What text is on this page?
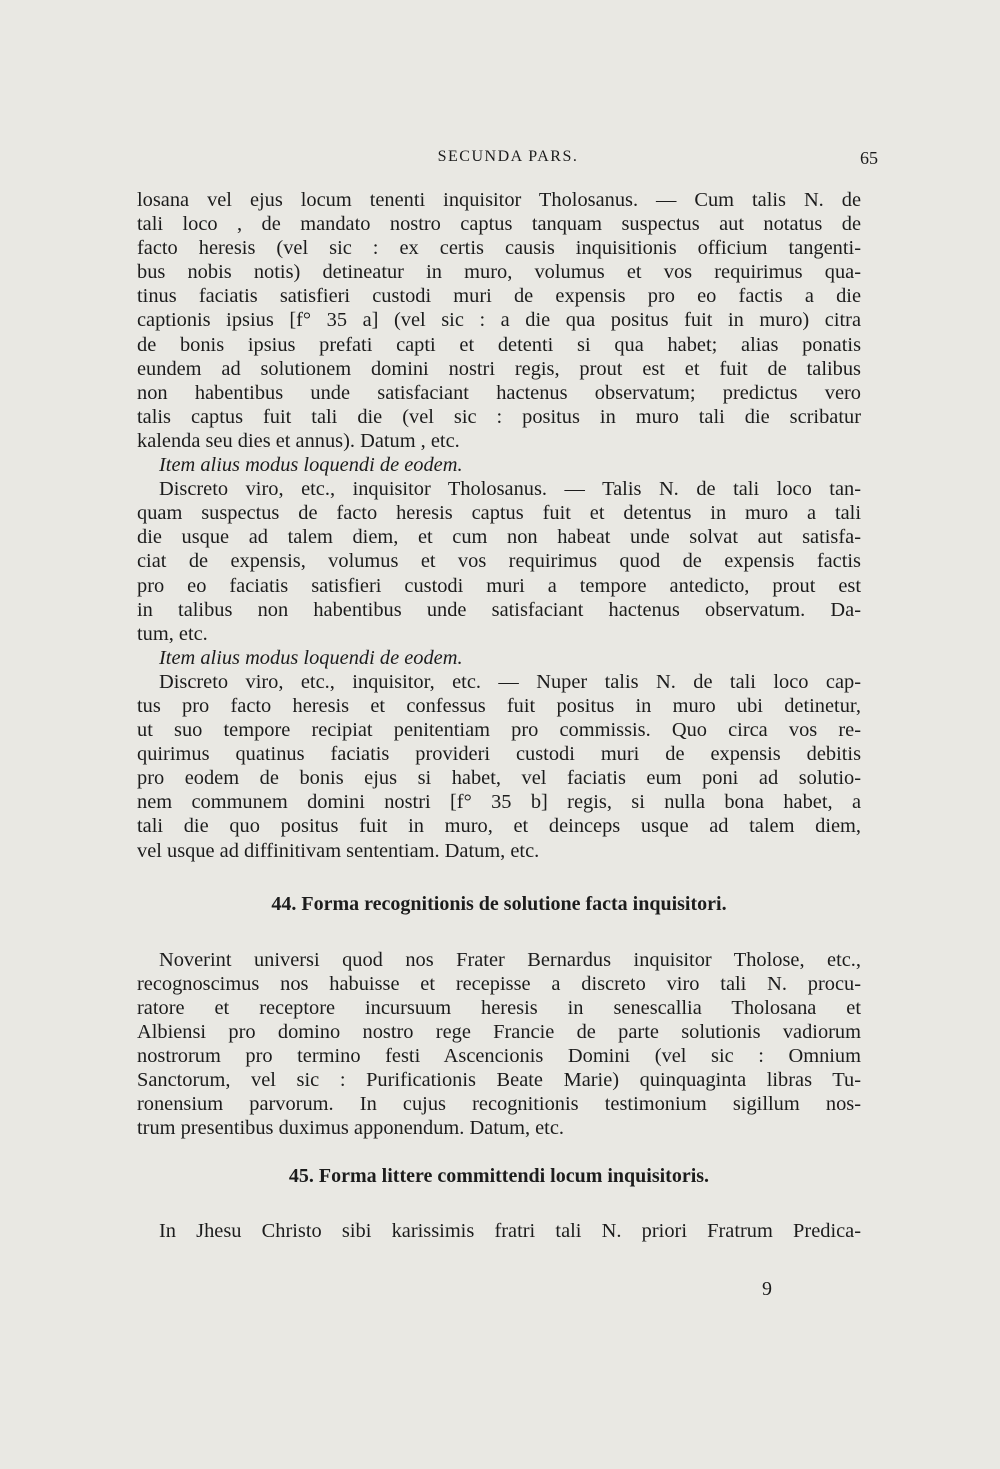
SECUNDA PARS.	65
losana vel ejus locum tenenti inquisitor Tholosanus. — Cum talis N. de
tali loco , de mandato nostro captus tanquam suspectus aut notatus de
facto heresis (vel sic : ex certis causis inquisitionis officium tangenti-
bus nobis notis) detineatur in muro, volumus et vos requirimus qua-
tinus faciatis satisfieri custodi muri de expensis pro eo factis a die
captionis ipsius [f° 35 a] (vel sic : a die qua positus fuit in muro) citra
de bonis ipsius prefati capti et detenti si qua habet; alias ponatis
eundem ad solutionem domini nostri regis, prout est et fuit de talibus
non habentibus unde satisfaciant hactenus observatum; predictus vero
talis captus fuit tali die (vel sic : positus in muro tali die scribatur
kalenda seu dies et annus). Datum , etc.
Item alius modus loquendi de eodem.
Discreto viro, etc., inquisitor Tholosanus. — Talis N. de tali loco tan-
quam suspectus de facto heresis captus fuit et detentus in muro a tali
die usque ad talem diem, et cum non habeat unde solvat aut satisfa-
ciat de expensis, volumus et vos requirimus quod de expensis factis
pro eo faciatis satisfieri custodi muri a tempore antedicto, prout est
in talibus non habentibus unde satisfaciant hactenus observatum. Da-
tum, etc.
Item alius modus loquendi de eodem.
Discreto viro, etc., inquisitor, etc. — Nuper talis N. de tali loco cap-
tus pro facto heresis et confessus fuit positus in muro ubi detinetur,
ut suo tempore recipiat penitentiam pro commissis. Quo circa vos re-
quirimus quatinus faciatis provideri custodi muri de expensis debitis
pro eodem de bonis ejus si habet, vel faciatis eum poni ad solutio-
nem communem domini nostri [f° 35 b] regis, si nulla bona habet, a
tali die quo positus fuit in muro, et deinceps usque ad talem diem,
vel usque ad diffinitivam sententiam. Datum, etc.

44. Forma recognitionis de solutione facta inquisitori.

Noverint universi quod nos Frater Bernardus inquisitor Tholose, etc.,
recognoscimus nos habuisse et recepisse a discreto viro tali N. procu-
ratore et receptore incursuum heresis in senescallia Tholosana et
Albiensi pro domino nostro rege Francie de parte solutionis vadiorum
nostrorum pro termino festi Ascencionis Domini (vel sic : Omnium
Sanctorum, vel sic : Purificationis Beate Marie) quinquaginta libras Tu-
ronensium parvorum. In cujus recognitionis testimonium sigillum nos-
trum presentibus duximus apponendum. Datum, etc.

45. Forma littere committendi locum inquisitoris.

In Jhesu Christo sibi karissimis fratri tali N. priori Fratrum Predica-
9
